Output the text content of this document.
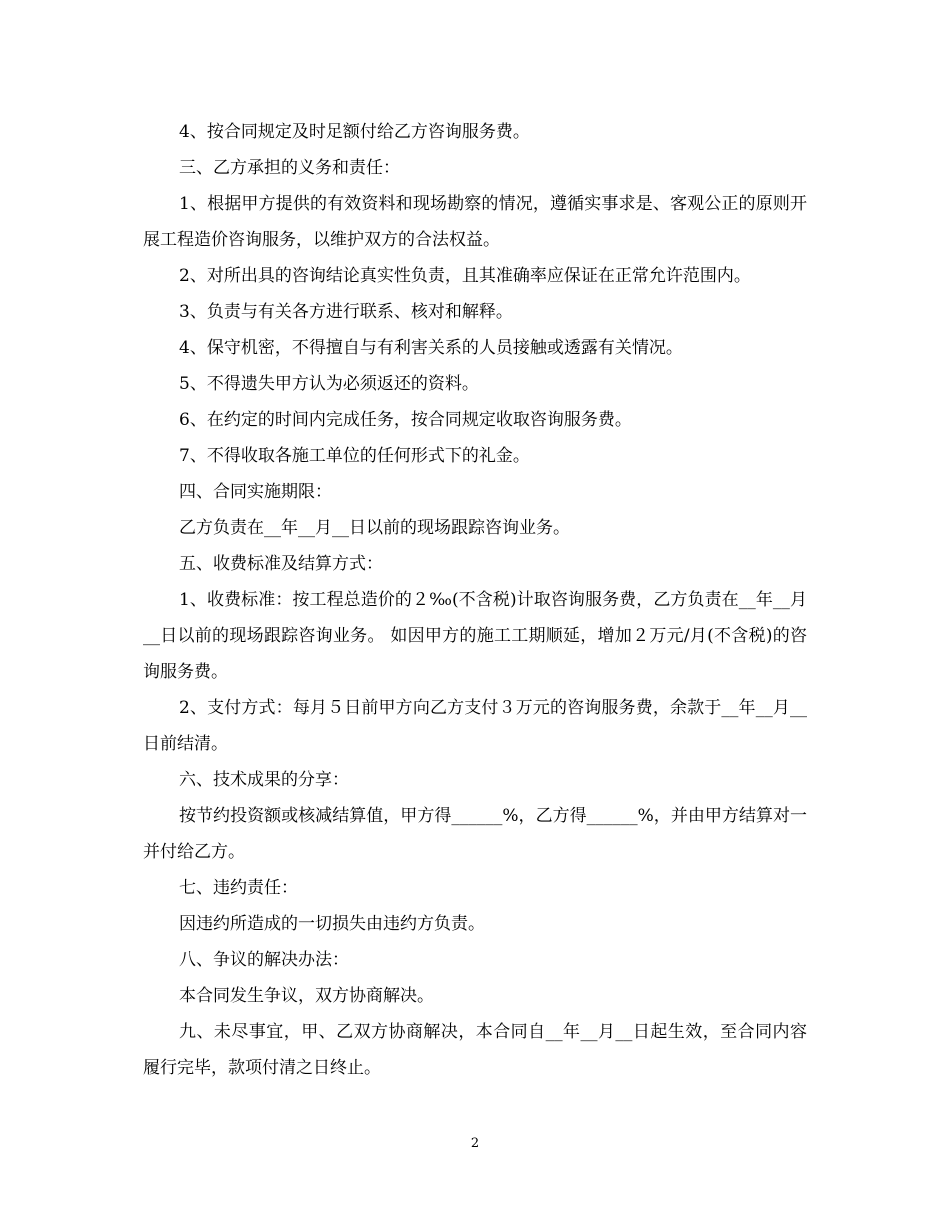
4、按合同规定及时足额付给乙方咨询服务费。

三、乙方承担的义务和责任：

1、根据甲方提供的有效资料和现场勘察的情况，遵循实事求是、客观公正的原则开展工程造价咨询服务，以维护双方的合法权益。

2、对所出具的咨询结论真实性负责，且其准确率应保证在正常允许范围内。

3、负责与有关各方进行联系、核对和解释。

4、保守机密，不得擅自与有利害关系的人员接触或透露有关情况。

5、不得遗失甲方认为必须返还的资料。

6、在约定的时间内完成任务，按合同规定收取咨询服务费。

7、不得收取各施工单位的任何形式下的礼金。

四、合同实施期限：

乙方负责在__年__月__日以前的现场跟踪咨询业务。

五、收费标准及结算方式：

1、收费标准：按工程总造价的２‰(不含税)计取咨询服务费，乙方负责在__年__月__日以前的现场跟踪咨询业务。 如因甲方的施工工期顺延，增加２万元/月(不含税)的咨询服务费。

2、支付方式：每月５日前甲方向乙方支付３万元的咨询服务费，余款于__年__月__日前结清。

六、技术成果的分享：

按节约投资额或核减结算值，甲方得______%，乙方得______%，并由甲方结算对一并付给乙方。

七、违约责任：

因违约所造成的一切损失由违约方负责。

八、争议的解决办法：

本合同发生争议，双方协商解决。

九、未尽事宜，甲、乙双方协商解决，本合同自__年__月__日起生效，至合同内容履行完毕，款项付清之日终止。

2
